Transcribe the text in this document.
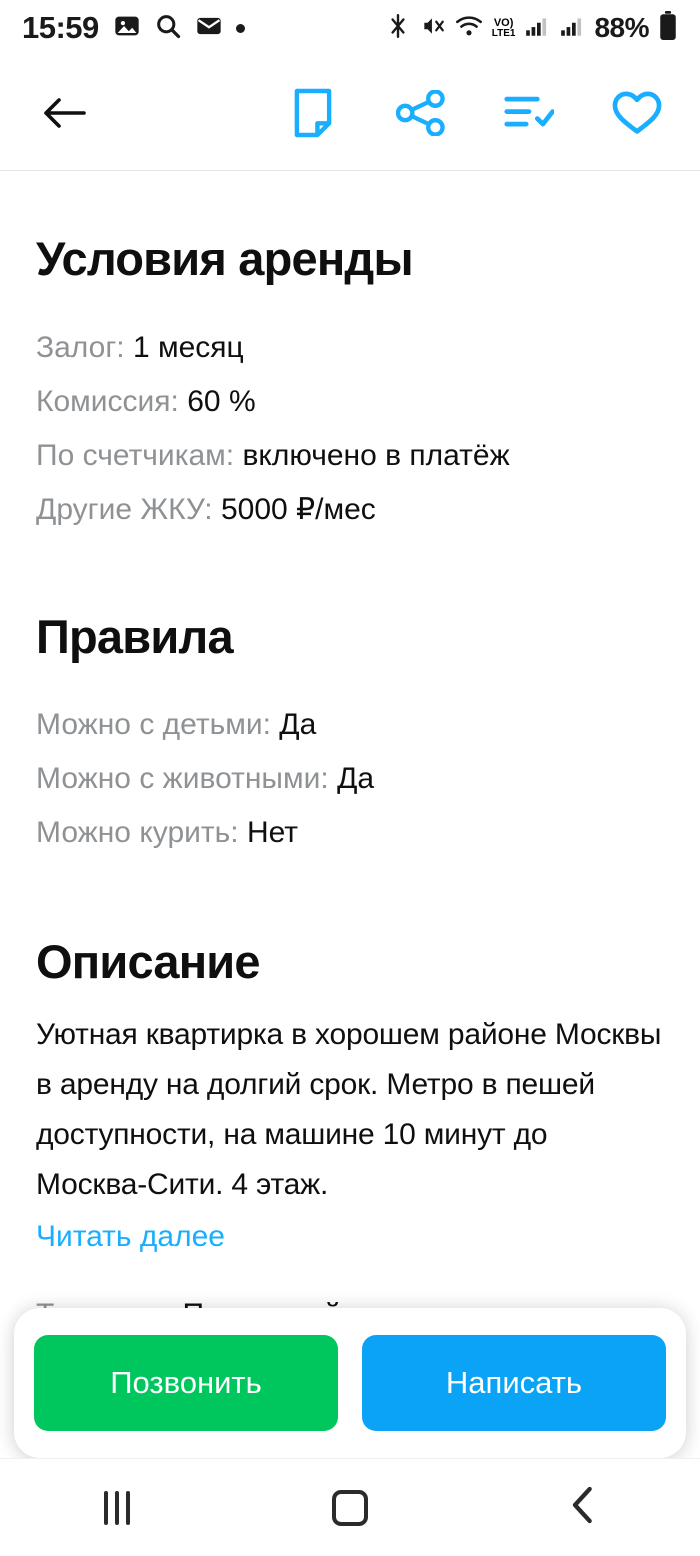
15:59	VO)
LTE1	88%
Условия аренды
Залог: 1 месяц
Комиссия: 60 %
По счетчикам: включено в платёж
Другие ЖКУ: 5000 ₽/мес
Правила
Можно с детьми: Да
Можно с животными: Да
Можно курить: Нет
Описание
Уютная квартирка в хорошем районе Москвы в аренду на долгий срок. Метро в пешей доступности, на машине 10 минут до Москва-Сити. 4 этаж.
Читать далее
Позвонить	Написать
